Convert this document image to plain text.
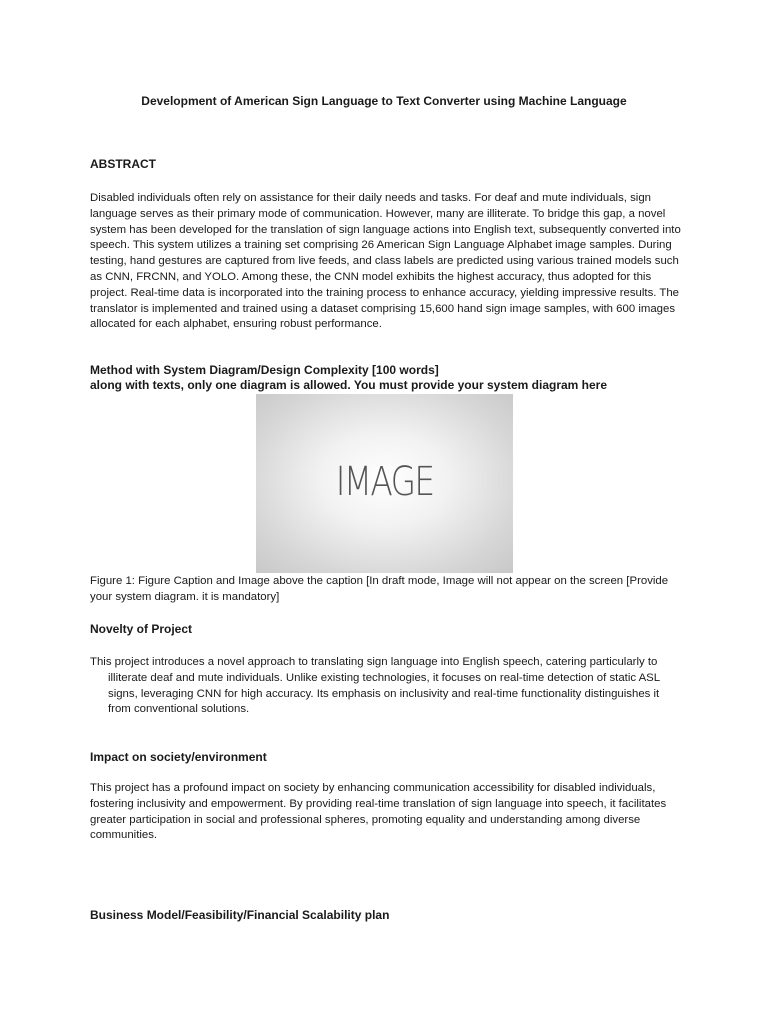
Development of American Sign Language to Text Converter using Machine Language
ABSTRACT

Disabled individuals often rely on assistance for their daily needs and tasks. For deaf and mute individuals, sign language serves as their primary mode of communication. However, many are illiterate. To bridge this gap, a novel system has been developed for the translation of sign language actions into English text, subsequently converted into speech. This system utilizes a training set comprising 26 American Sign Language Alphabet image samples. During testing, hand gestures are captured from live feeds, and class labels are predicted using various trained models such as CNN, FRCNN, and YOLO. Among these, the CNN model exhibits the highest accuracy, thus adopted for this project. Real-time data is incorporated into the training process to enhance accuracy, yielding impressive results. The translator is implemented and trained using a dataset comprising 15,600 hand sign image samples, with 600 images allocated for each alphabet, ensuring robust performance.

Method with System Diagram/Design Complexity [100 words]
along with texts, only one diagram is allowed. You must provide your system diagram here
IMAGE

Figure 1: Figure Caption and Image above the caption [In draft mode, Image will not appear on the screen [Provide your system diagram. it is mandatory]

Novelty of Project

This project introduces a novel approach to translating sign language into English speech, catering particularly to illiterate deaf and mute individuals. Unlike existing technologies, it focuses on real-time detection of static ASL signs, leveraging CNN for high accuracy. Its emphasis on inclusivity and real-time functionality distinguishes it from conventional solutions.

Impact on society/environment

This project has a profound impact on society by enhancing communication accessibility for disabled individuals, fostering inclusivity and empowerment. By providing real-time translation of sign language into speech, it facilitates greater participation in social and professional spheres, promoting equality and understanding among diverse communities.

Business Model/Feasibility/Financial Scalability plan
